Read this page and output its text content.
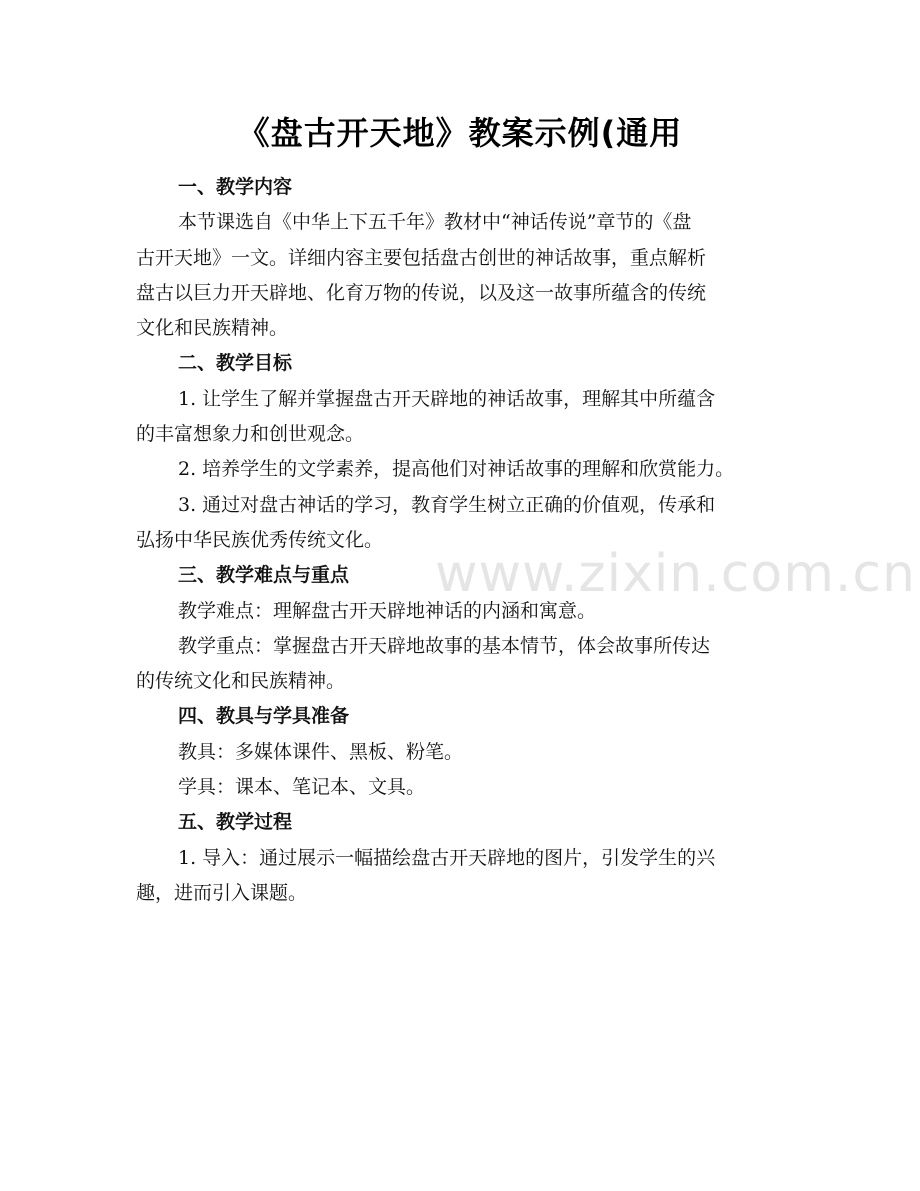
《盘古开天地》教案示例(通用
一、教学内容
本节课选自《中华上下五千年》教材中“神话传说”章节的《盘
古开天地》一文。详细内容主要包括盘古创世的神话故事，重点解析
盘古以巨力开天辟地、化育万物的传说，以及这一故事所蕴含的传统
文化和民族精神。
二、教学目标
1. 让学生了解并掌握盘古开天辟地的神话故事，理解其中所蕴含
的丰富想象力和创世观念。
2. 培养学生的文学素养，提高他们对神话故事的理解和欣赏能力。
3. 通过对盘古神话的学习，教育学生树立正确的价值观，传承和
弘扬中华民族优秀传统文化。
三、教学难点与重点
教学难点：理解盘古开天辟地神话的内涵和寓意。
教学重点：掌握盘古开天辟地故事的基本情节，体会故事所传达
的传统文化和民族精神。
四、教具与学具准备
教具：多媒体课件、黑板、粉笔。
学具：课本、笔记本、文具。
五、教学过程
1. 导入：通过展示一幅描绘盘古开天辟地的图片，引发学生的兴
趣，进而引入课题。
www.zixin.com.cn
